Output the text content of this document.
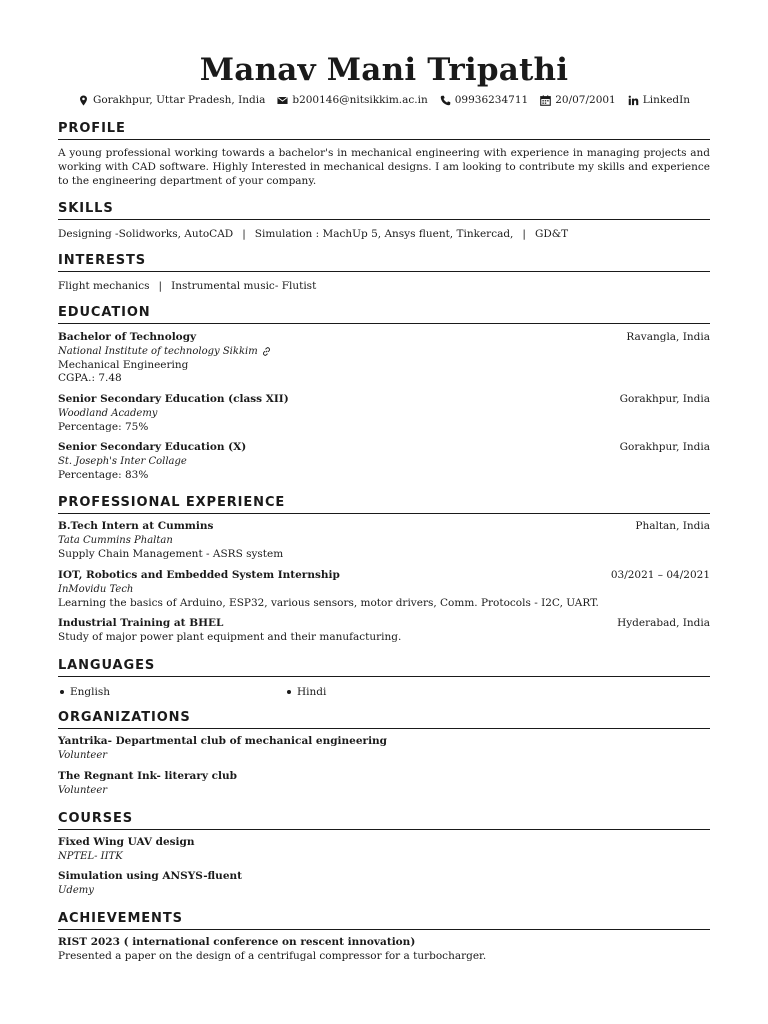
Manav Mani Tripathi
Gorakhpur, Uttar Pradesh, India	b200146@nitsikkim.ac.in	09936234711	20/07/2001	LinkedIn
PROFILE
A young professional working towards a bachelor's in mechanical engineering with experience in managing projects and working with CAD software. Highly Interested in mechanical designs. I am looking to contribute my skills and experience to the engineering department of your company.
SKILLS
Designing -Solidworks, AutoCAD | Simulation : MachUp 5, Ansys fluent, Tinkercad, | GD&T
INTERESTS
Flight mechanics | Instrumental music- Flutist
EDUCATION
Bachelor of Technology	Ravangla, India
National Institute of technology Sikkim
Mechanical Engineering
CGPA.: 7.48
Senior Secondary Education (class XII)	Gorakhpur, India
Woodland Academy
Percentage: 75%
Senior Secondary Education (X)	Gorakhpur, India
St. Joseph's Inter Collage
Percentage: 83%
PROFESSIONAL EXPERIENCE
B.Tech Intern at Cummins	Phaltan, India
Tata Cummins Phaltan
Supply Chain Management - ASRS system
IOT, Robotics and Embedded System Internship	03/2021 – 04/2021
InMovidu Tech
Learning the basics of Arduino, ESP32, various sensors, motor drivers, Comm. Protocols - I2C, UART.
Industrial Training at BHEL	Hyderabad, India
Study of major power plant equipment and their manufacturing.
LANGUAGES
English	Hindi
ORGANIZATIONS
Yantrika- Departmental club of mechanical engineering
Volunteer
The Regnant Ink- literary club
Volunteer
COURSES
Fixed Wing UAV design
NPTEL- IITK
Simulation using ANSYS-fluent
Udemy
ACHIEVEMENTS
RIST 2023 ( international conference on rescent innovation)
Presented a paper on the design of a centrifugal compressor for a turbocharger.
